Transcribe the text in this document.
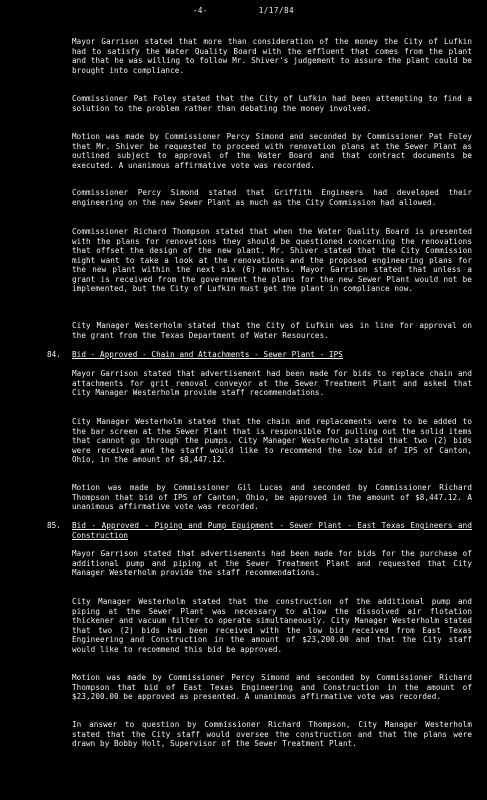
-4-	1/17/84

Mayor Garrison stated that more than consideration of the money the City of Lufkin had to satisfy the Water Quality Board with the effluent that comes from the plant and that he was willing to follow Mr. Shiver's judgement to assure the plant could be brought into compliance.

Commissioner Pat Foley stated that the City of Lufkin had been attempting to find a solution to the problem rather than debating the money involved.

Motion was made by Commissioner Percy Simond and seconded by Commissioner Pat Foley that Mr. Shiver be requested to proceed with renovation plans at the Sewer Plant as outlined subject to approval of the Water Board and that contract documents be executed. A unanimous affirmative vote was recorded.

Commissioner Percy Simond stated that Griffith Engineers had developed their engineering on the new Sewer Plant as much as the City Commission had allowed.

Commissioner Richard Thompson stated that when the Water Quality Board is presented with the plans for renovations they should be questioned concerning the renovations that offset the design of the new plant. Mr. Shiver stated that the City Commission might want to take a look at the renovations and the proposed engineering plans for the new plant within the next six (6) months. Mayor Garrison stated that unless a grant is received from the government the plans for the new Sewer Plant would not be implemented, but the City of Lufkin must get the plant in compliance now.

City Manager Westerholm stated that the City of Lufkin was in line for approval on the grant from the Texas Department of Water Resources.

84.	Bid - Approved - Chain and Attachments - Sewer Plant - IPS

Mayor Garrison stated that advertisement had been made for bids to replace chain and attachments for grit removal conveyor at the Sewer Treatment Plant and asked that City Manager Westerholm provide staff recommendations.

City Manager Westerholm stated that the chain and replacements were to be added to the bar screen at the Sewer Plant that is responsible for pulling out the solid items that cannot go through the pumps. City Manager Westerholm stated that two (2) bids were received and the staff would like to recommend the low bid of IPS of Canton, Ohio, in the amount of $8,447.12.

Motion was made by Commissioner Gil Lucas and seconded by Commissioner Richard Thompson that bid of IPS of Canton, Ohio, be approved in the amount of $8,447.12. A unanimous affirmative vote was recorded.

85.	Bid - Approved - Piping and Pump Equipment - Sewer Plant - East Texas Engineers and Construction

Mayor Garrison stated that advertisements had been made for bids for the purchase of additional pump and piping at the Sewer Treatment Plant and requested that City Manager Westerholm provide the staff recommendations.

City Manager Westerholm stated that the construction of the additional pump and piping at the Sewer Plant was necessary to allow the dissolved air flotation thickener and vacuum filter to operate simultaneously. City Manager Westerholm stated that two (2) bids had been received with the low bid received from East Texas Engineering and Construction in the amount of $23,200.00 and that the City staff would like to recommend this bid be approved.

Motion was made by Commissioner Percy Simond and seconded by Commissioner Richard Thompson that bid of East Texas Engineering and Construction in the amount of $23,200.00 be approved as presented. A unanimous affirmative vote was recorded.

In answer to question by Commissioner Richard Thompson, City Manager Westerholm stated that the City staff would oversee the construction and that the plans were drawn by Bobby Holt, Supervisor of the Sewer Treatment Plant.
